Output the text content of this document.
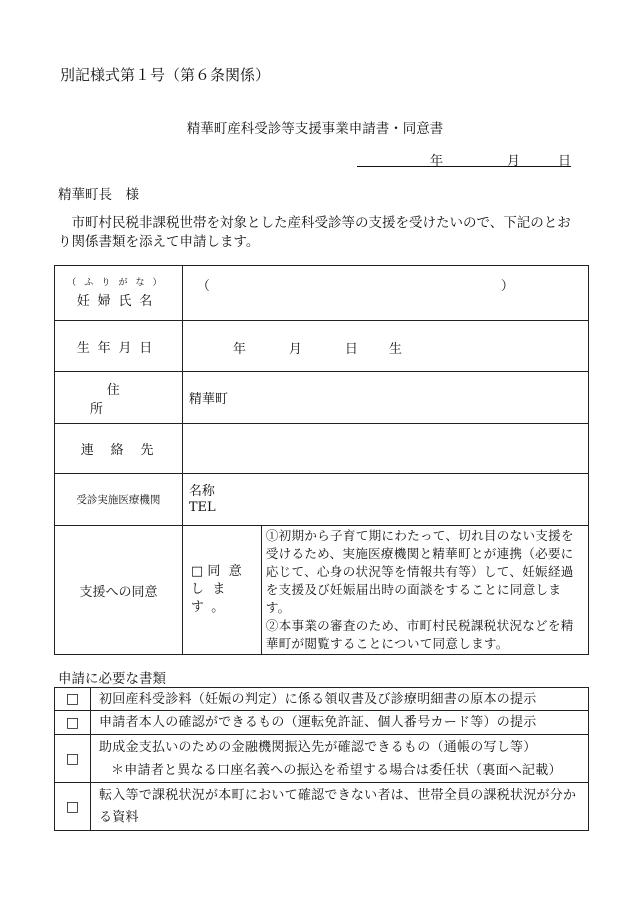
別記様式第１号（第６条関係）
精華町産科受診等支援事業申請書・同意書
年	月	日
精華町長　様
市町村民税非課税世帯を対象とした産科受診等の支援を受けたいので、下記のとおり関係書類を添えて申請します。
（ふりがな）
妊婦氏名	（ ）	

生年月日	年 月 日 生	

住所	精華町	
連絡先		
受診実施医療機関	名称
TEL	

支援への同意	□ 同意します。	①初期から子育て期にわたって、切れ目のない支援を受けるため、実施医療機関と精華町とが連携（必要に応じて、心身の状況等を情報共有等）して、妊娠経過を支援及び妊娠届出時の面談をすることに同意します。
②本事業の審査のため、市町村民税課税状況などを精華町が閲覧することについて同意します。
申請に必要な書類
□	初回産科受診料（妊娠の判定）に係る領収書及び診療明細書の原本の提示
□	申請者本人の確認ができるもの（運転免許証、個人番号カード等）の提示
□	助成金支払いのための金融機関振込先が確認できるもの（通帳の写し等）
＊申請者と異なる口座名義への振込を希望する場合は委任状（裏面へ記載）

□	転入等で課税状況が本町において確認できない者は、世帯全員の課税状況が分かる資料
